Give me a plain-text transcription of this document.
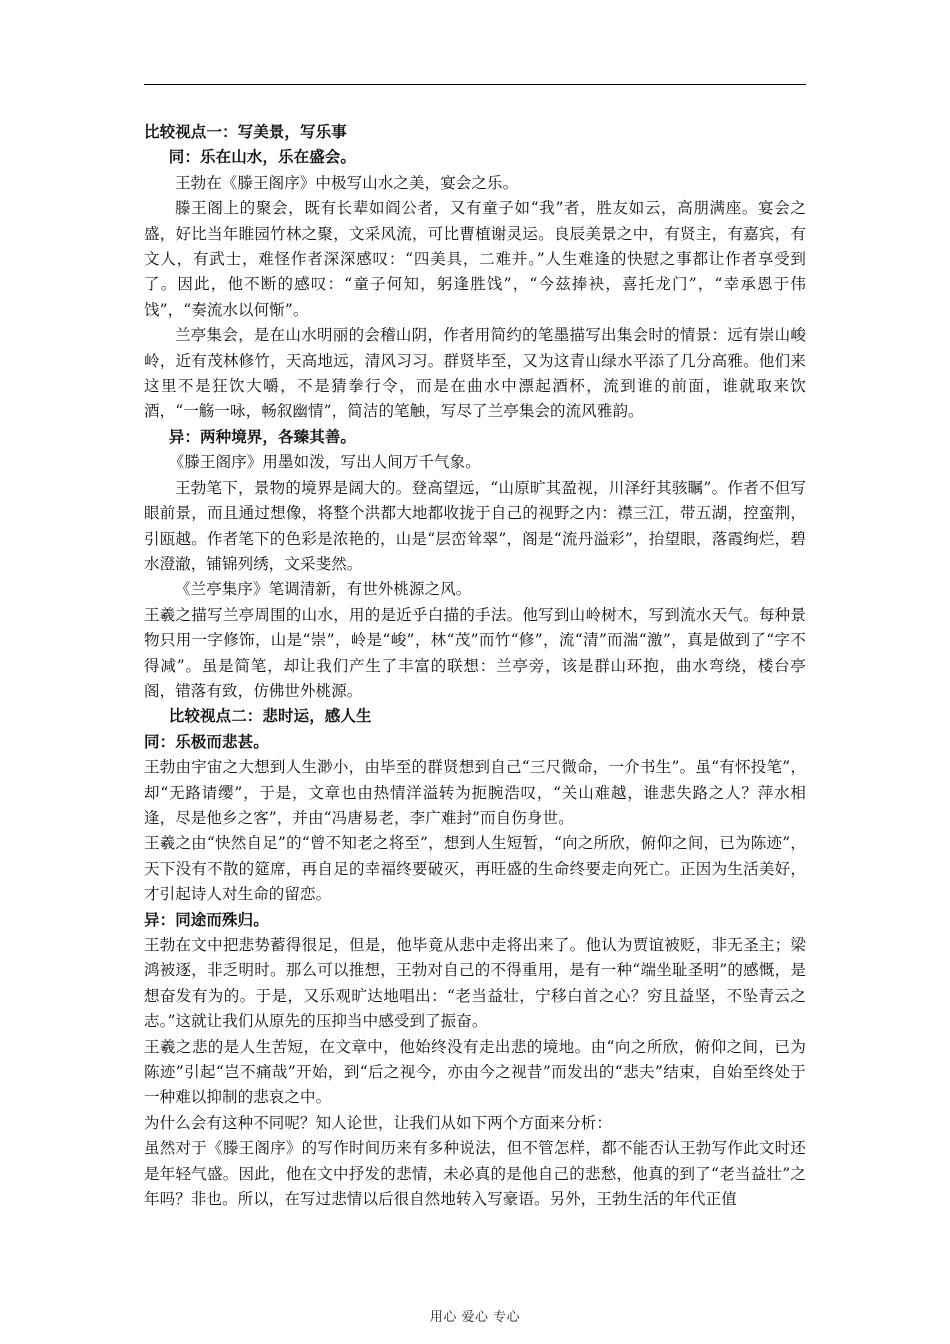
比较视点一：写美景，写乐事

同：乐在山水，乐在盛会。

王勃在《滕王阁序》中极写山水之美，宴会之乐。

滕王阁上的聚会，既有长辈如阎公者，又有童子如“我”者，胜友如云，高朋满座。宴会之盛，好比当年睢园竹林之聚，文采风流，可比曹植谢灵运。良辰美景之中，有贤主，有嘉宾，有文人，有武士，难怪作者深深感叹：“四美具，二难并。”人生难逢的快慰之事都让作者享受到了。因此，他不断的感叹：“童子何知，躬逢胜饯”，“今兹捧袂，喜托龙门”，“幸承恩于伟饯”，“奏流水以何惭”。

兰亭集会，是在山水明丽的会稽山阴，作者用简约的笔墨描写出集会时的情景：远有崇山峻岭，近有茂林修竹，天高地远，清风习习。群贤毕至，又为这青山绿水平添了几分高雅。他们来这里不是狂饮大嚼，不是猜拳行令，而是在曲水中漂起酒杯，流到谁的前面，谁就取来饮酒，“一觞一咏，畅叙幽情”，简洁的笔触，写尽了兰亭集会的流风雅韵。

异：两种境界，各臻其善。

《滕王阁序》用墨如泼，写出人间万千气象。

王勃笔下，景物的境界是阔大的。登高望远，“山原旷其盈视，川泽纡其骇瞩”。作者不但写眼前景，而且通过想像，将整个洪都大地都收拢于自己的视野之内：襟三江，带五湖，控蛮荆，引瓯越。作者笔下的色彩是浓艳的，山是“层峦耸翠”，阁是“流丹溢彩”，抬望眼，落霞绚烂，碧水澄澈，铺锦列绣，文采斐然。

《兰亭集序》笔调清新，有世外桃源之风。

王羲之描写兰亭周围的山水，用的是近乎白描的手法。他写到山岭树木，写到流水天气。每种景物只用一字修饰，山是“崇”，岭是“峻”，林“茂”而竹“修”，流“清”而湍“激”，真是做到了“字不得减”。虽是简笔，却让我们产生了丰富的联想：兰亭旁，该是群山环抱，曲水弯绕，楼台亭阁，错落有致，仿佛世外桃源。

比较视点二：悲时运，感人生

同：乐极而悲甚。

王勃由宇宙之大想到人生渺小，由毕至的群贤想到自己“三尺微命，一介书生”。虽“有怀投笔”，却“无路请缨”，于是，文章也由热情洋溢转为扼腕浩叹，“关山难越，谁悲失路之人？萍水相逢，尽是他乡之客”，并由“冯唐易老，李广难封”而自伤身世。

王羲之由“快然自足”的“曾不知老之将至”，想到人生短暂，“向之所欣，俯仰之间，已为陈迹”，天下没有不散的筵席，再自足的幸福终要破灭，再旺盛的生命终要走向死亡。正因为生活美好，才引起诗人对生命的留恋。

异：同途而殊归。

王勃在文中把悲势蓄得很足，但是，他毕竟从悲中走将出来了。他认为贾谊被贬，非无圣主；梁鸿被逐，非乏明时。那么可以推想，王勃对自己的不得重用，是有一种“端坐耻圣明”的感慨，是想奋发有为的。于是，又乐观旷达地唱出：“老当益壮，宁移白首之心？穷且益坚，不坠青云之志。”这就让我们从原先的压抑当中感受到了振奋。

王羲之悲的是人生苦短，在文章中，他始终没有走出悲的境地。由“向之所欣，俯仰之间，已为陈迹”引起“岂不痛哉”开始，到“后之视今，亦由今之视昔”而发出的“悲夫”结束，自始至终处于一种难以抑制的悲哀之中。

为什么会有这种不同呢？知人论世，让我们从如下两个方面来分析：

虽然对于《滕王阁序》的写作时间历来有多种说法，但不管怎样，都不能否认王勃写作此文时还是年轻气盛。因此，他在文中抒发的悲情，未必真的是他自己的悲愁，他真的到了“老当益壮”之年吗？非也。所以，在写过悲情以后很自然地转入写豪语。另外，王勃生活的年代正值

用心 爱心 专心
